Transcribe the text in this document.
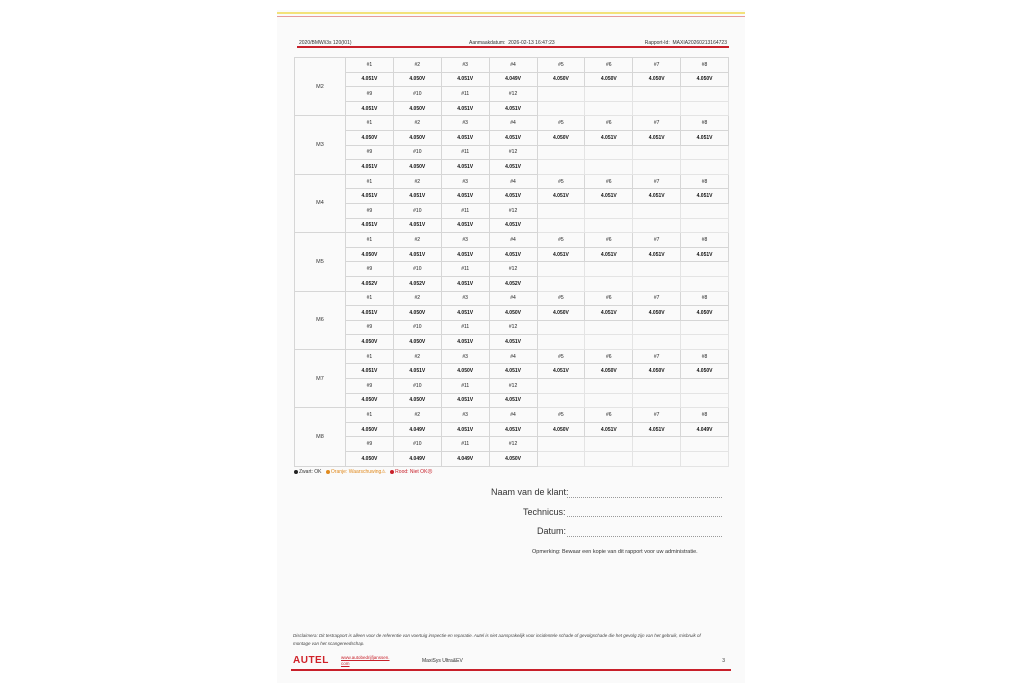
2020/BMW/i3s 120(I01)	Aanmaakdatum: 2026-02-13 16:47:23	Rapport-Id: MAXIA20260213164723
M2	#1	#2	#3	#4	#5	#6	#7	#8
	4.051V	4.050V	4.051V	4.049V	4.050V	4.050V	4.050V	4.050V
	#9	#10	#11	#12				
	4.051V	4.050V	4.051V	4.051V				
M3	#1	#2	#3	#4	#5	#6	#7	#8
	4.050V	4.050V	4.051V	4.051V	4.050V	4.051V	4.051V	4.051V
	#9	#10	#11	#12				
	4.051V	4.050V	4.051V	4.051V				
M4	#1	#2	#3	#4	#5	#6	#7	#8
	4.051V	4.051V	4.051V	4.051V	4.051V	4.051V	4.051V	4.051V
	#9	#10	#11	#12				
	4.051V	4.051V	4.051V	4.051V				
M5	#1	#2	#3	#4	#5	#6	#7	#8
	4.050V	4.051V	4.051V	4.051V	4.051V	4.051V	4.051V	4.051V
	#9	#10	#11	#12				
	4.052V	4.052V	4.051V	4.052V				
M6	#1	#2	#3	#4	#5	#6	#7	#8
	4.051V	4.050V	4.051V	4.050V	4.050V	4.051V	4.050V	4.050V
	#9	#10	#11	#12				
	4.050V	4.050V	4.051V	4.051V				
M7	#1	#2	#3	#4	#5	#6	#7	#8
	4.051V	4.051V	4.050V	4.051V	4.051V	4.050V	4.050V	4.050V
	#9	#10	#11	#12				
	4.050V	4.050V	4.051V	4.051V				
M8	#1	#2	#3	#4	#5	#6	#7	#8
	4.050V	4.049V	4.051V	4.051V	4.050V	4.051V	4.051V	4.049V
	#9	#10	#11	#12				
	4.050V	4.049V	4.049V	4.050V				
Zwart: OK Oranje: Waarschuwing⚠ Rood: Niet OK☹
Naam van de klant:
Technicus:
Datum:
Opmerking: Bewaar een kopie van dit rapport voor uw administratie.
Disclaimera: Dit testrapport is alleen voor de referentie van voertuig inspectie en reparatie. Autel is niet aansprakelijk voor incidentele schade of gevolgschade die het gevolg zijn van het gebruik, misbruik of montage van het scangereedschap.
AUTEL	www.autobedrijfjanssen.
com	MaxiSys Ultra&EV	3
